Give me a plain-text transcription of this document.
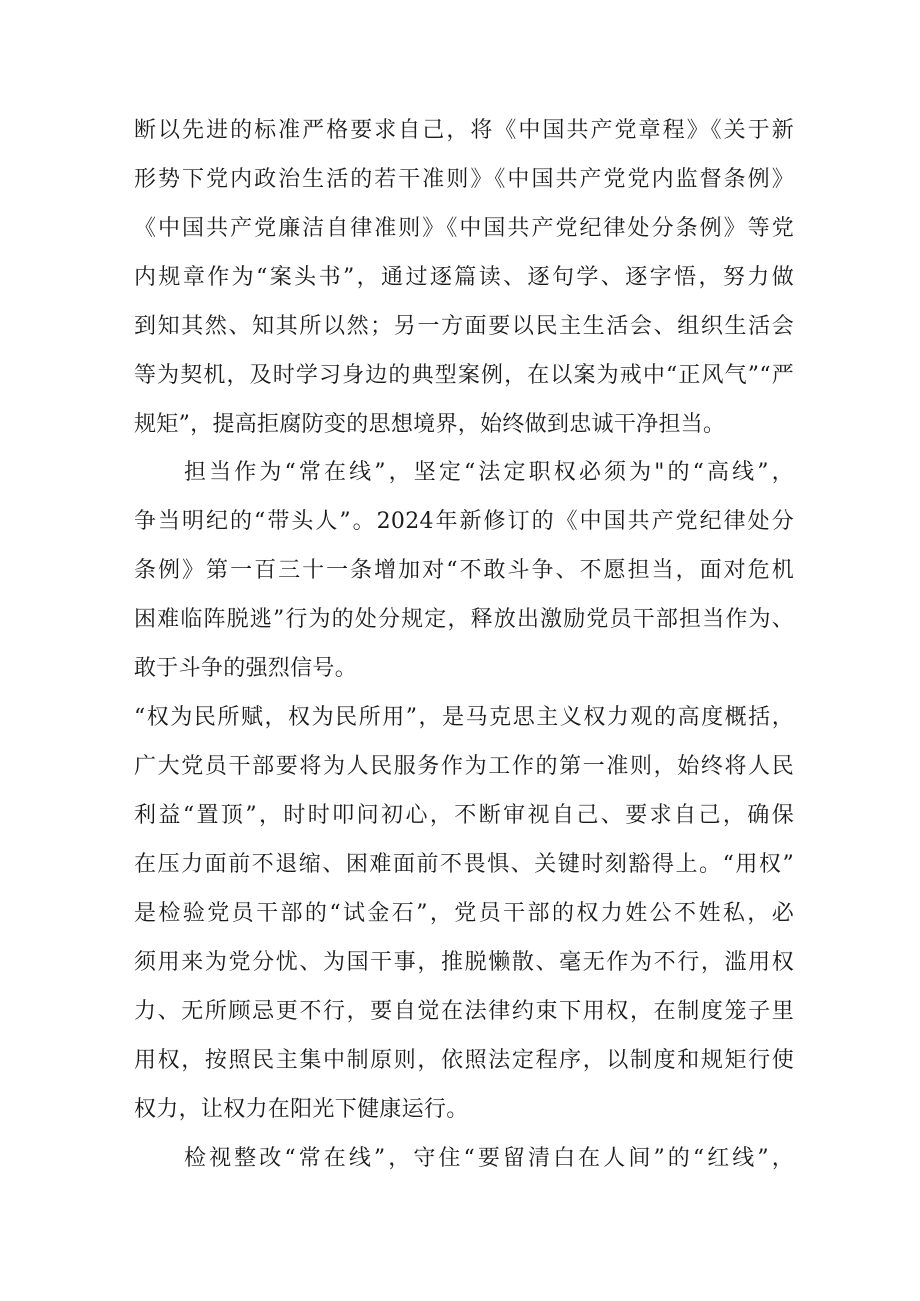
断以先进的标准严格要求自己，将《中国共产党章程》《关于新
形势下党内政治生活的若干准则》《中国共产党党内监督条例》
《中国共产党廉洁自律准则》《中国共产党纪律处分条例》等党
内规章作为“案头书”，通过逐篇读、逐句学、逐字悟，努力做
到知其然、知其所以然；另一方面要以民主生活会、组织生活会
等为契机，及时学习身边的典型案例，在以案为戒中“正风气”“严
规矩”，提高拒腐防变的思想境界，始终做到忠诚干净担当。
担当作为“常在线”，坚定“法定职权必须为"的“高线”，
争当明纪的“带头人”。2024年新修订的《中国共产党纪律处分
条例》第一百三十一条增加对“不敢斗争、不愿担当，面对危机
困难临阵脱逃”行为的处分规定，释放出激励党员干部担当作为、
敢于斗争的强烈信号。
“权为民所赋，权为民所用”，是马克思主义权力观的高度概括，
广大党员干部要将为人民服务作为工作的第一准则，始终将人民
利益“置顶”，时时叩问初心，不断审视自己、要求自己，确保
在压力面前不退缩、困难面前不畏惧、关键时刻豁得上。“用权”
是检验党员干部的“试金石”，党员干部的权力姓公不姓私，必
须用来为党分忧、为国干事，推脱懒散、毫无作为不行，滥用权
力、无所顾忌更不行，要自觉在法律约束下用权，在制度笼子里
用权，按照民主集中制原则，依照法定程序，以制度和规矩行使
权力，让权力在阳光下健康运行。
检视整改“常在线”，守住“要留清白在人间”的“红线”，
